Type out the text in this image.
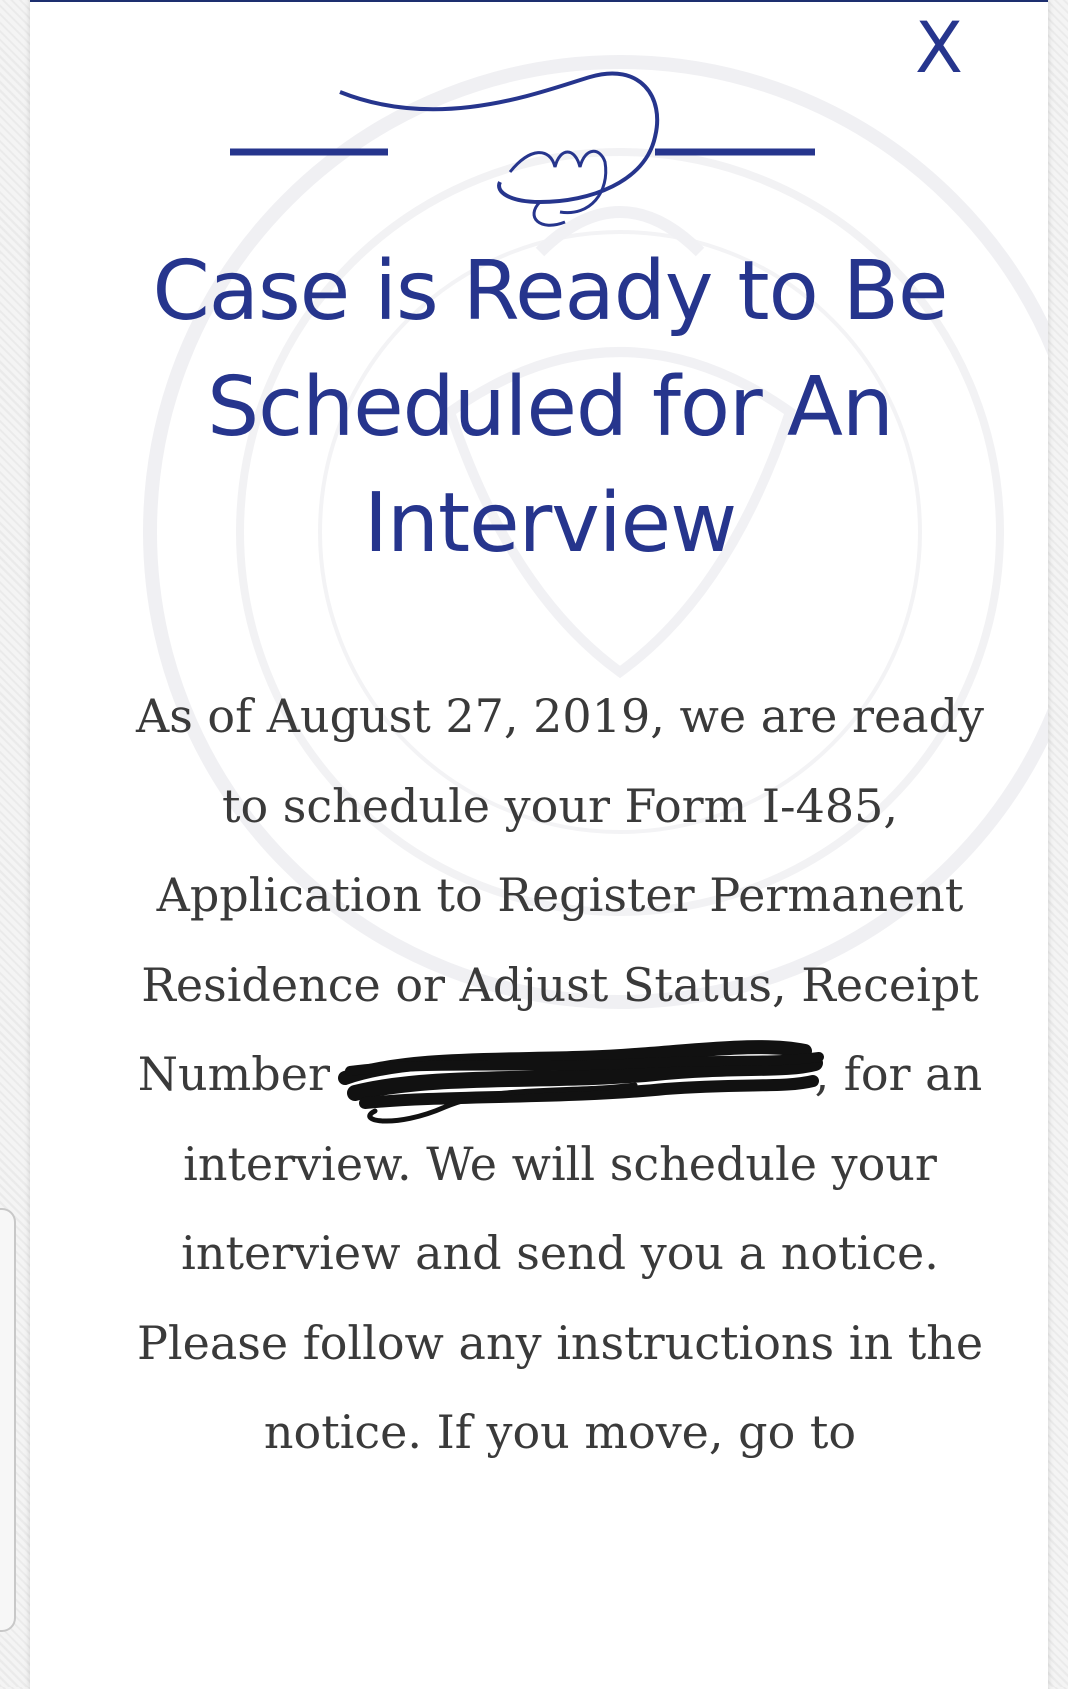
X
Case is Ready to Be Scheduled for An Interview

As of August 27, 2019, we are ready to schedule your Form I-485, Application to Register Permanent Residence or Adjust Status, Receipt Number	, for an interview. We will schedule your interview and send you a notice. Please follow any instructions in the notice. If you move, go to
